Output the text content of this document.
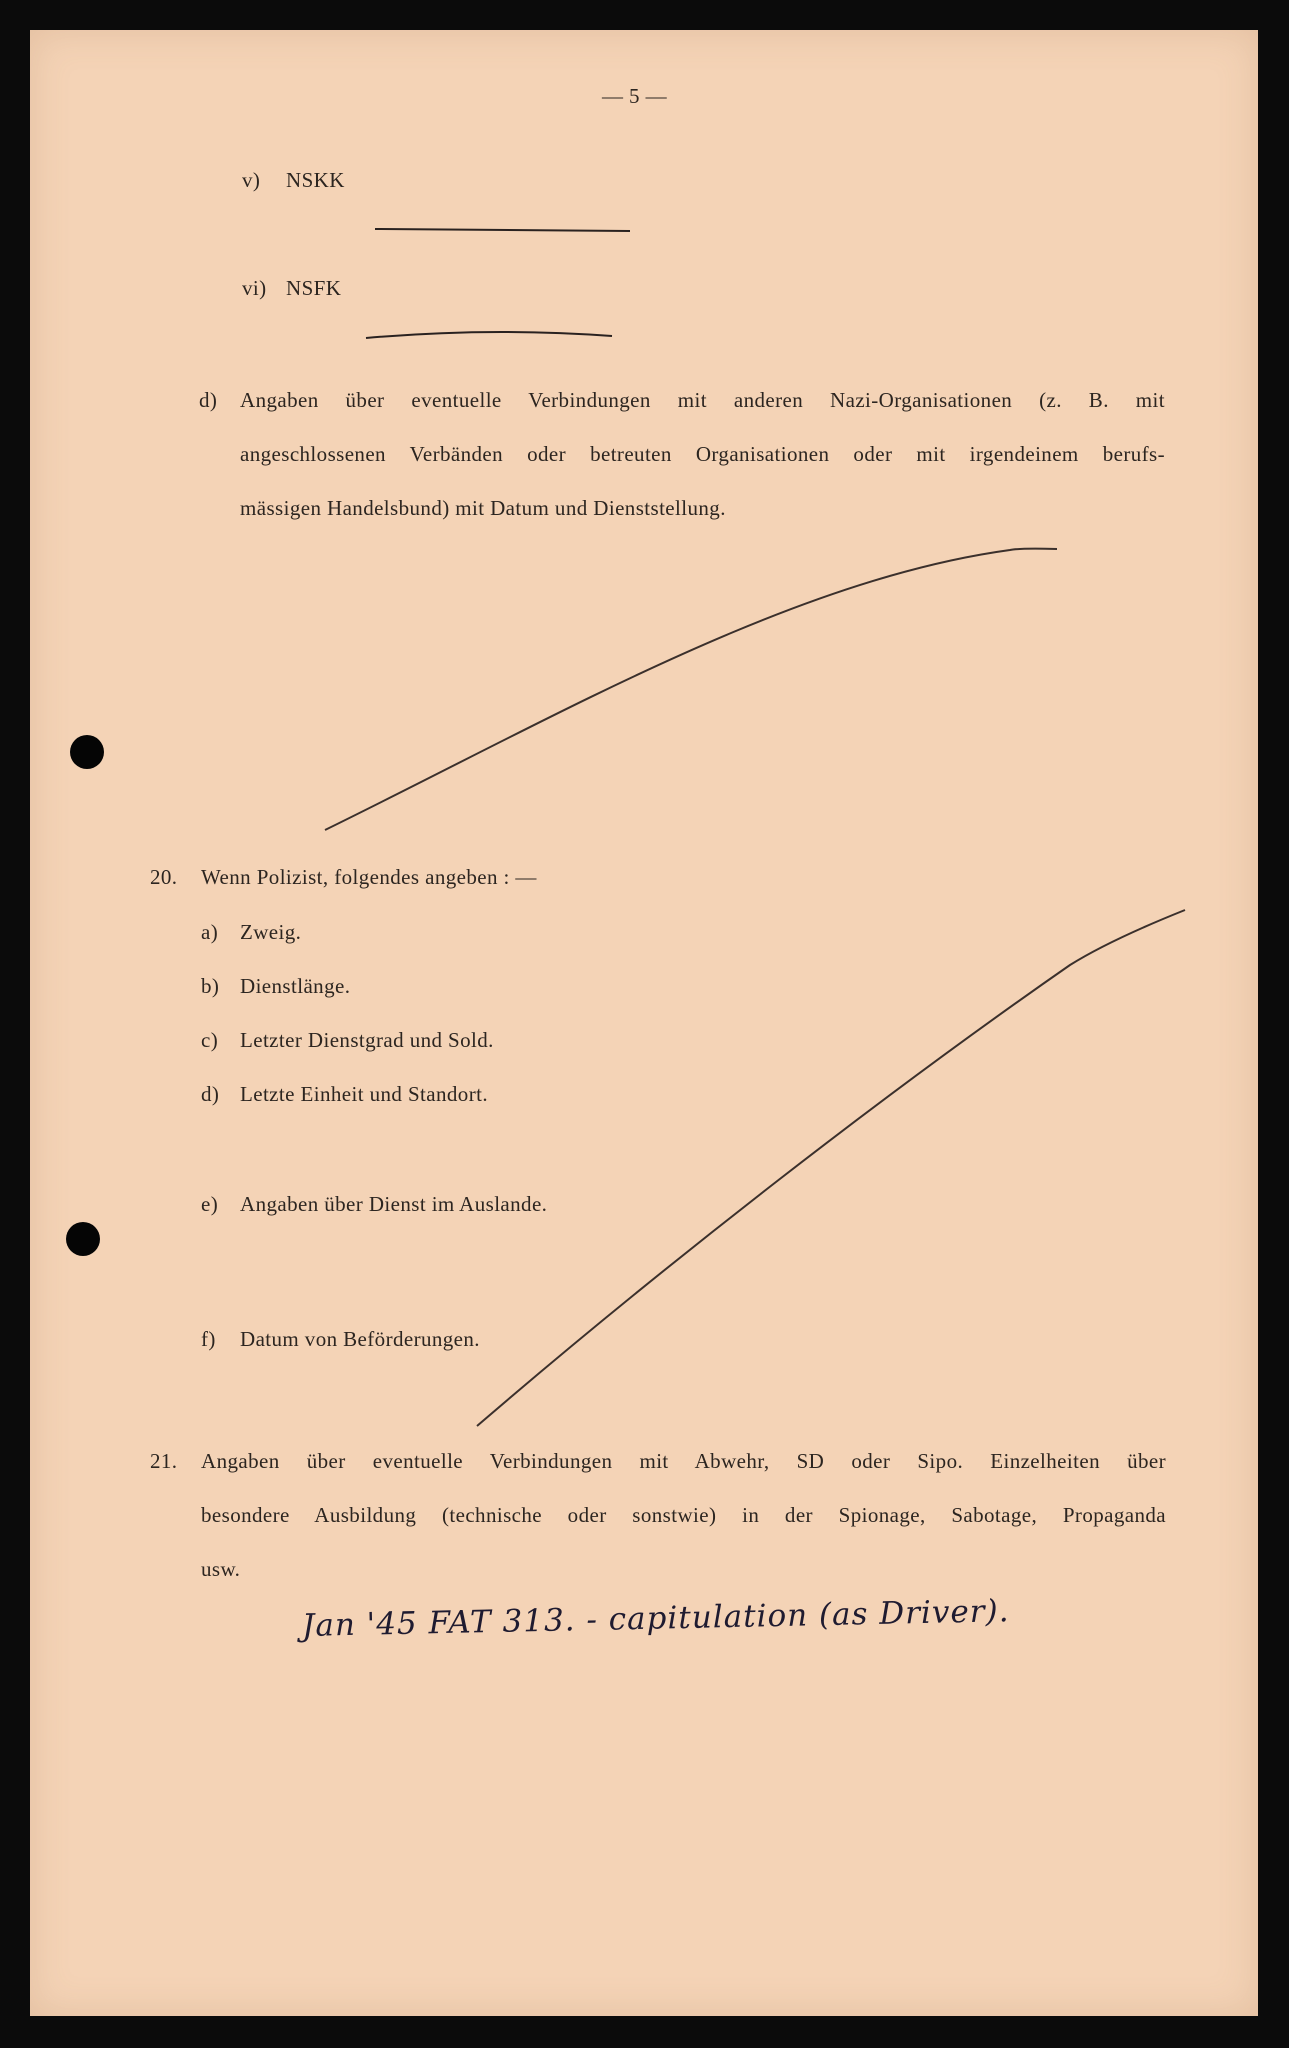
— 5 —
v) NSKK
vi) NSFK
d) Angaben über eventuelle Verbindungen mit anderen Nazi-Organisationen (z. B. mit
angeschlossenen Verbänden oder betreuten Organisationen oder mit irgendeinem berufs-
mässigen Handelsbund) mit Datum und Dienststellung.
20. Wenn Polizist, folgendes angeben : —
a) Zweig.
b) Dienstlänge.
c) Letzter Dienstgrad und Sold.
d) Letzte Einheit und Standort.
e) Angaben über Dienst im Auslande.
f) Datum von Beförderungen.
21. Angaben über eventuelle Verbindungen mit Abwehr, SD oder Sipo. Einzelheiten über
besondere Ausbildung (technische oder sonstwie) in der Spionage, Sabotage, Propaganda
usw.
Jan '45 FAT 313. - capitulation (as Driver).
